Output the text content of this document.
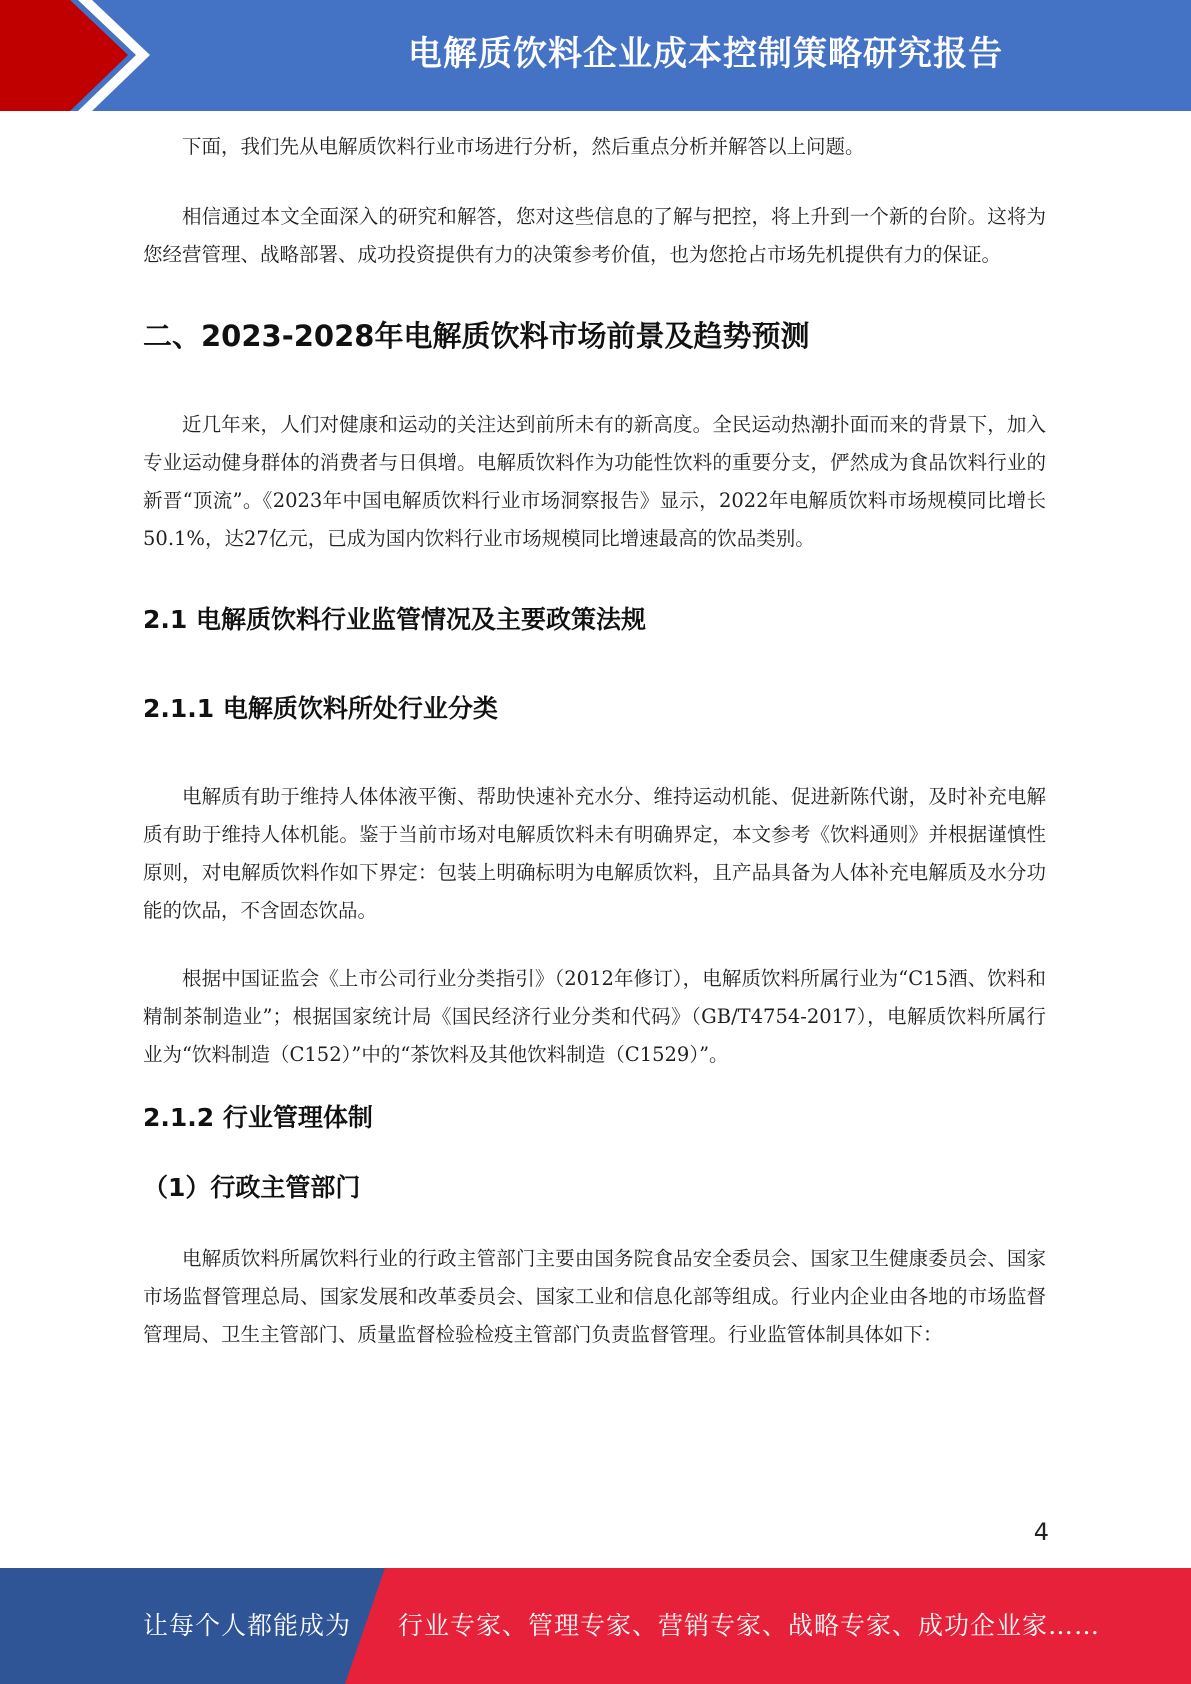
电解质饮料企业成本控制策略研究报告

下面，我们先从电解质饮料行业市场进行分析，然后重点分析并解答以上问题。

相信通过本文全面深入的研究和解答，您对这些信息的了解与把控，将上升到一个新的台阶。这将为您经营管理、战略部署、成功投资提供有力的决策参考价值，也为您抢占市场先机提供有力的保证。

二、2023-2028年电解质饮料市场前景及趋势预测

近几年来，人们对健康和运动的关注达到前所未有的新高度。全民运动热潮扑面而来的背景下，加入专业运动健身群体的消费者与日俱增。电解质饮料作为功能性饮料的重要分支，俨然成为食品饮料行业的新晋“顶流”。《2023年中国电解质饮料行业市场洞察报告》显示，2022年电解质饮料市场规模同比增长50.1%，达27亿元，已成为国内饮料行业市场规模同比增速最高的饮品类别。

2.1 电解质饮料行业监管情况及主要政策法规
2.1.1 电解质饮料所处行业分类

电解质有助于维持人体体液平衡、帮助快速补充水分、维持运动机能、促进新陈代谢，及时补充电解质有助于维持人体机能。鉴于当前市场对电解质饮料未有明确界定，本文参考《饮料通则》并根据谨慎性原则，对电解质饮料作如下界定：包装上明确标明为电解质饮料，且产品具备为人体补充电解质及水分功能的饮品，不含固态饮品。

根据中国证监会《上市公司行业分类指引》（2012年修订），电解质饮料所属行业为“C15酒、饮料和精制茶制造业”；根据国家统计局《国民经济行业分类和代码》（GB/T4754-2017），电解质饮料所属行业为“饮料制造（C152）”中的“茶饮料及其他饮料制造（C1529）”。

2.1.2 行业管理体制
（1）行政主管部门

电解质饮料所属饮料行业的行政主管部门主要由国务院食品安全委员会、国家卫生健康委员会、国家市场监督管理总局、国家发展和改革委员会、国家工业和信息化部等组成。行业内企业由各地的市场监督管理局、卫生主管部门、质量监督检验检疫主管部门负责监督管理。行业监管体制具体如下：

4
让每个人都能成为 行业专家、管理专家、营销专家、战略专家、成功企业家……
